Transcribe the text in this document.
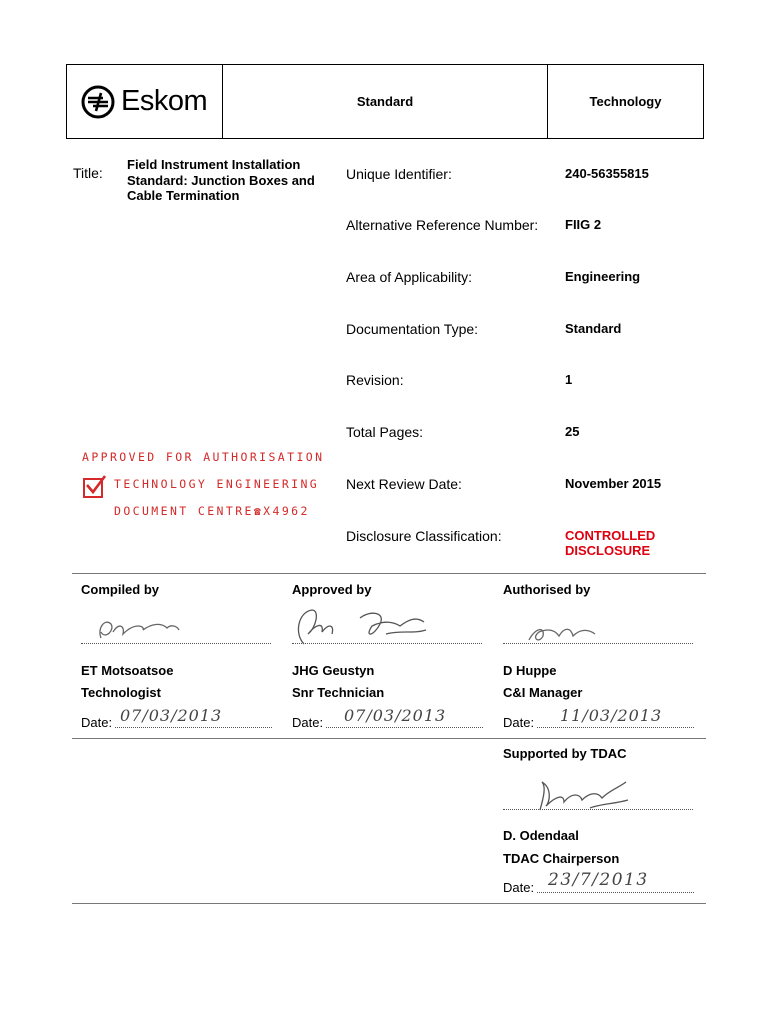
Eskom	Standard	Technology
Title:
Field Instrument Installation Standard: Junction Boxes and Cable Termination
Unique Identifier:	240-56355815
Alternative Reference Number: FIIG 2
Area of Applicability:	Engineering
Documentation Type:	Standard
Revision:	1
Total Pages:	25
Next Review Date:	November 2015
Disclosure Classification:	CONTROLLED
DISCLOSURE
APPROVED FOR AUTHORISATION
TECHNOLOGY ENGINEERING
DOCUMENT CENTRE☎X4962
Compiled by
ET Motsoatsoe
Technologist
Date: 07/03/2013
Approved by
JHG Geustyn
Snr Technician
Date: 07/03/2013
Authorised by
D Huppe
C&I Manager
Date: 11/03/2013
Supported by TDAC
D. Odendaal
TDAC Chairperson
Date: 23/7/2013
